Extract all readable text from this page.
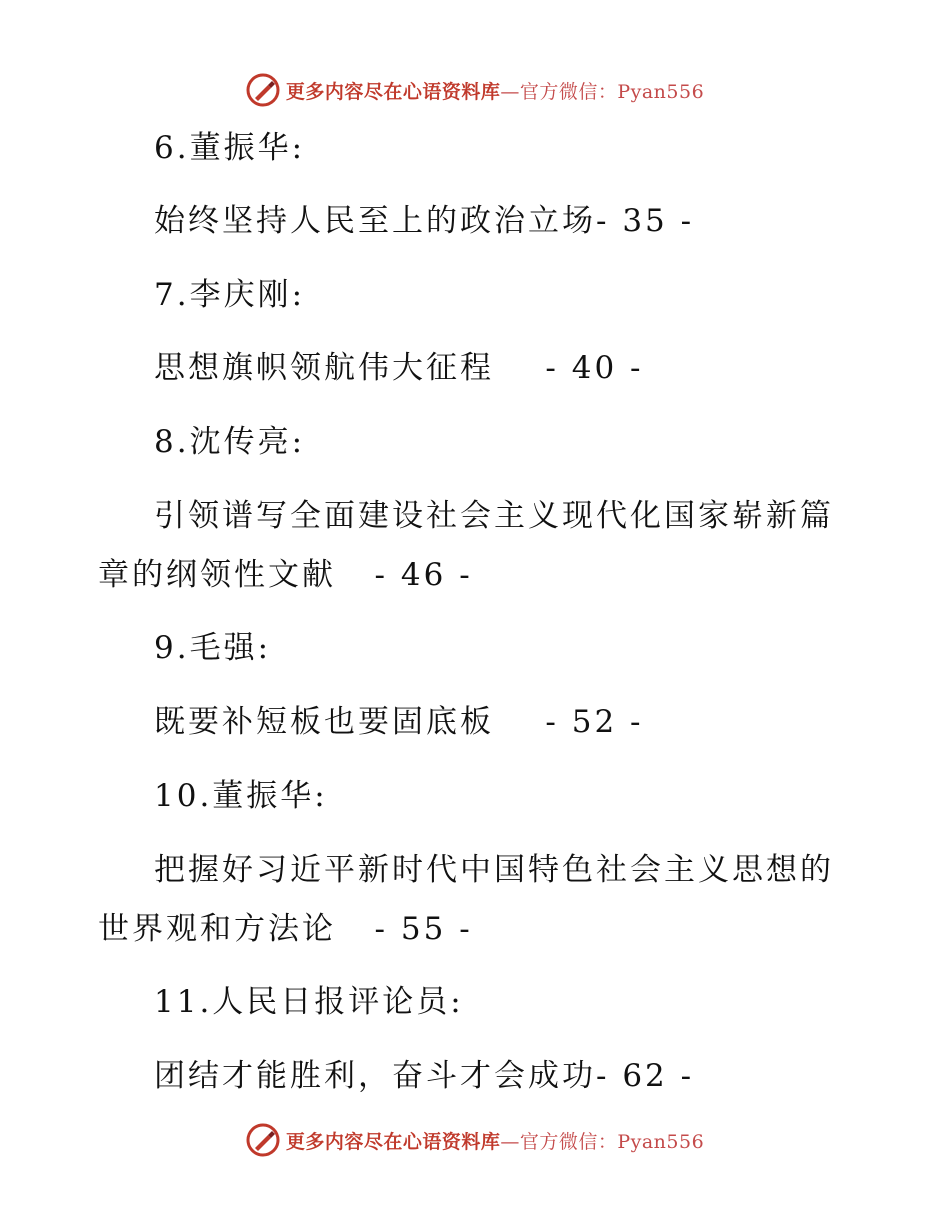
更多内容尽在心语资料库—官方微信：Pyan556
6.董振华:
始终坚持人民至上的政治立场- 35 -
7.李庆刚:
思想旗帜领航伟大征程    - 40 -
8.沈传亮:
引领谱写全面建设社会主义现代化国家崭新篇
章的纲领性文献   - 46 -
9.毛强:
既要补短板也要固底板    - 52 -
10.董振华:
把握好习近平新时代中国特色社会主义思想的
世界观和方法论   - 55 -
11.人民日报评论员:
团结才能胜利，奋斗才会成功- 62 -
更多内容尽在心语资料库—官方微信：Pyan556
